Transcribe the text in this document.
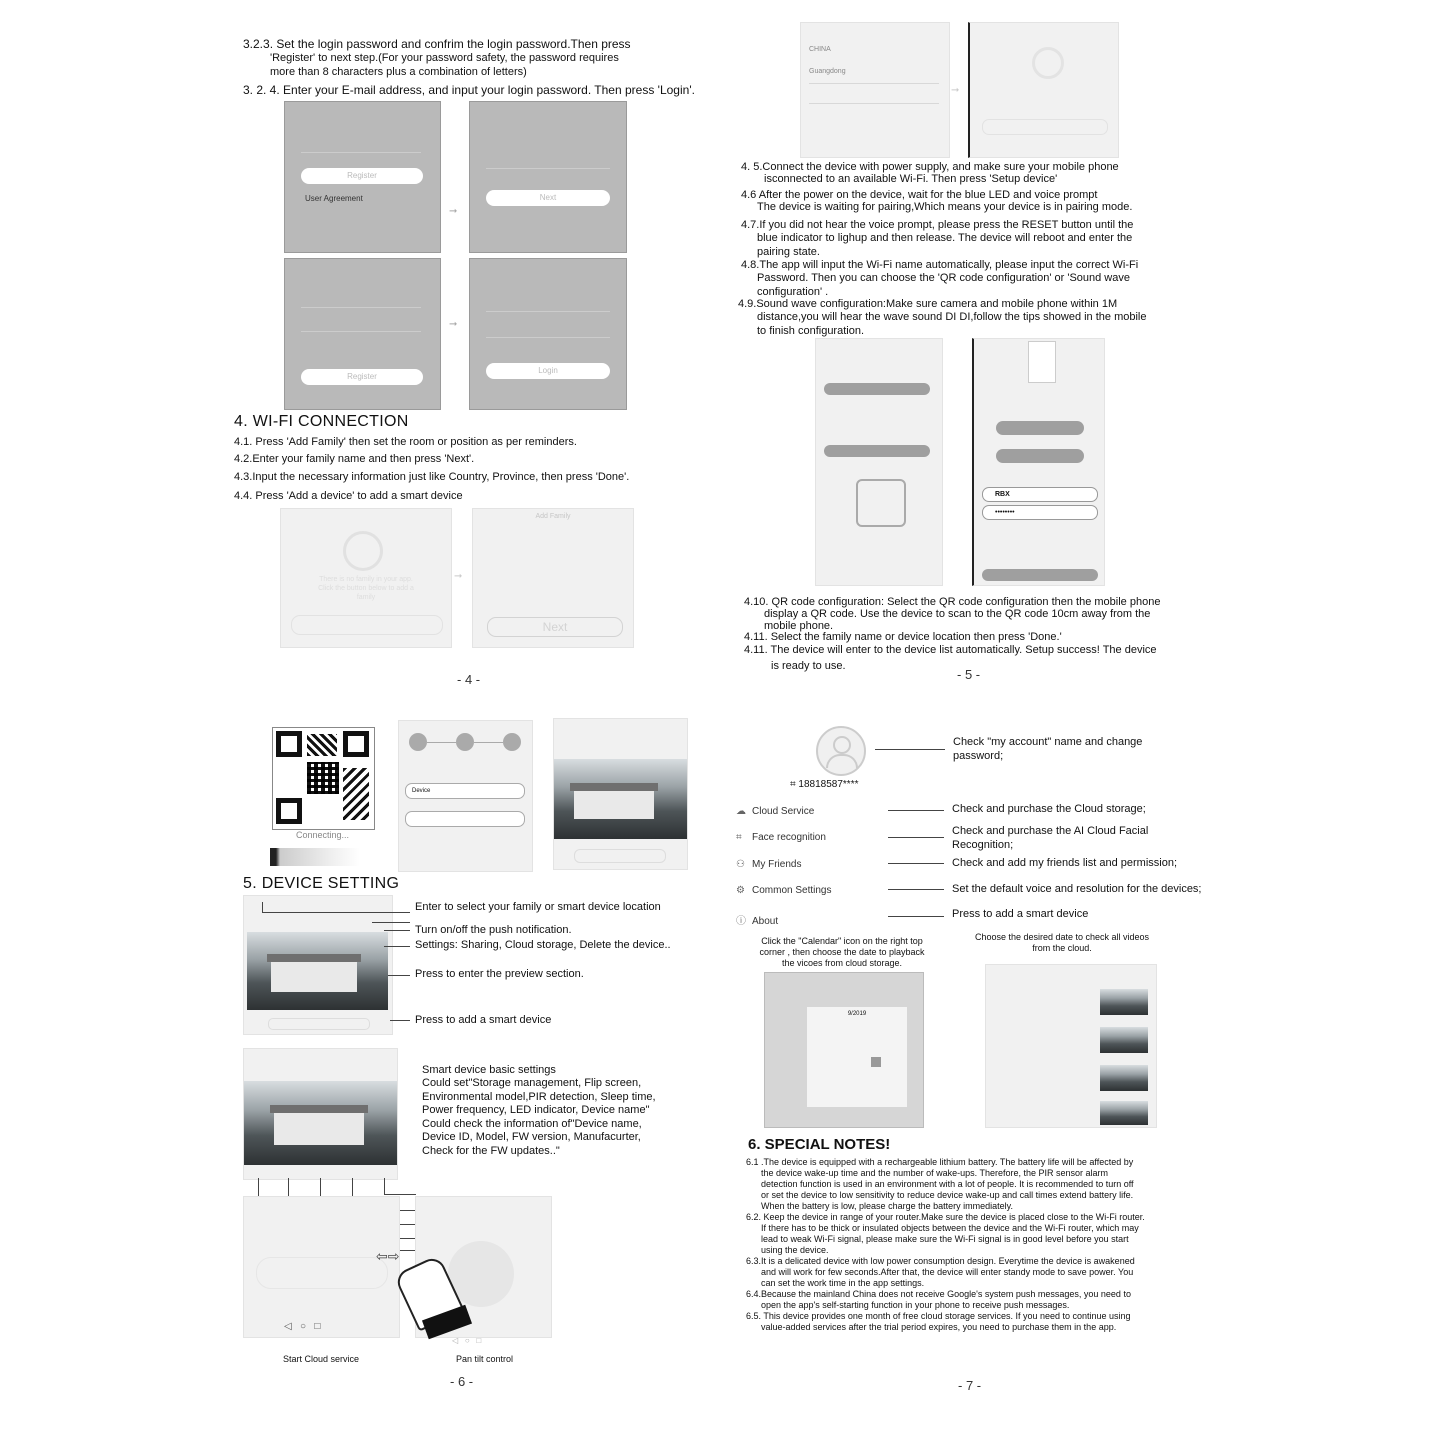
3.2.3. Set the login password and confrim the login password.Then press
'Register' to next step.(For your password safety, the password requires
more than 8 characters plus a combination of letters)
3. 2. 4. Enter your E-mail address, and input your login password. Then press 'Login'.
Register
User Agreement
➞
Next
Register
➞
Login
4. WI-FI CONNECTION
4.1. Press 'Add Family' then set the room or position as per reminders.
4.2.Enter your family name and then press 'Next'.
4.3.Input the necessary information just like Country, Province, then press 'Done'.
4.4. Press 'Add a device' to add a smart device
There is no family in your app. Click the button below to add a family
➞
Add Family
Next
- 4 -
CHINA
Guangdong
➞
4. 5.Connect the device with power supply, and make sure your mobile phone
isconnected to an available Wi-Fi. Then press 'Setup device'
4.6 After the power on the device, wait for the blue LED and voice prompt
The device is waiting for pairing,Which means your device is in pairing mode.
4.7.If you did not hear the voice prompt, please press the RESET button until the
blue indicator to lighup and then release. The device will reboot and enter the
pairing state.
4.8.The app will input the Wi-Fi name automatically, please input the correct Wi-Fi
Password. Then you can choose the 'QR code configuration' or 'Sound wave
configuration' .
4.9.Sound wave configuration:Make sure camera and mobile phone within 1M
distance,you will hear the wave sound DI DI,follow the tips showed in the mobile
to finish configuration.
RBX
••••••••
4.10. QR code configuration: Select the QR code configuration then the mobile phone
display a QR code. Use the device to scan to the QR code 10cm away from the
mobile phone.
4.11. Select the family name or device location then press 'Done.'
4.11. The device will enter to the device list automatically. Setup success! The device
is ready to use.
- 5 -
Connecting...
Device
5. DEVICE SETTING
Enter to select your family or smart device location
Turn on/off the push notification.
Settings: Sharing, Cloud storage, Delete the device..
Press to enter the preview section.
Press to add a smart device
Smart device basic settings
Could set"Storage management, Flip screen,
Environmental model,PIR detection, Sleep time,
Power frequency, LED indicator, Device name"
Could check the information of"Device name,
Device ID, Model, FW version, Manufacurter,
Check for the FW updates.."
◁   ○   □
⇦⇨
◁   ○   □
Start Cloud service	Pan tilt control
- 6 -
Check "my account" name and change
password;
⌗ 18818587****
☁ Cloud Service
⌗ Face recognition
⚇ My Friends
⚙ Common Settings
ⓘ About
Check and purchase the Cloud storage;
Check and purchase the AI Cloud Facial
Recognition;
Check and add my friends list and permission;
Set the default voice and resolution for the devices;
Press to add a smart device
Click the "Calendar" icon on the right top
corner , then choose the date to playback
the vicoes from cloud storage.
Choose the desired date to check all videos
from the cloud.
9/2019
6. SPECIAL NOTES!
6.1 .The device is equipped with a rechargeable lithium battery. The battery life will be affected by
the device wake-up time and the number of wake-ups. Therefore, the PIR sensor alarm
detection function is used in an environment with a lot of people. It is recommended to turn off
or set the device to low sensitivity to reduce device wake-up and call times extend battery life.
When the battery is low, please charge the battery immediately.
6.2. Keep the device in range of your router.Make sure the device is placed close to the Wi-Fi router.
If there has to be thick or insulated objects between the device and the Wi-Fi router, which may
lead to weak Wi-Fi signal, please make sure the Wi-Fi signal is in good level before you start
using the device.
6.3.It is a delicated device with low power consumption design. Everytime the device is awakened
and will work for few seconds.After that, the device will enter standy mode to save power. You
can set the work time in the app settings.
6.4.Because the mainland China does not receive Google's system push messages, you need to
open the app's self-starting function in your phone to receive push messages.
6.5. This device provides one month of free cloud storage services. If you need to continue using
value-added services after the trial period expires, you need to purchase them in the app.
- 7 -
